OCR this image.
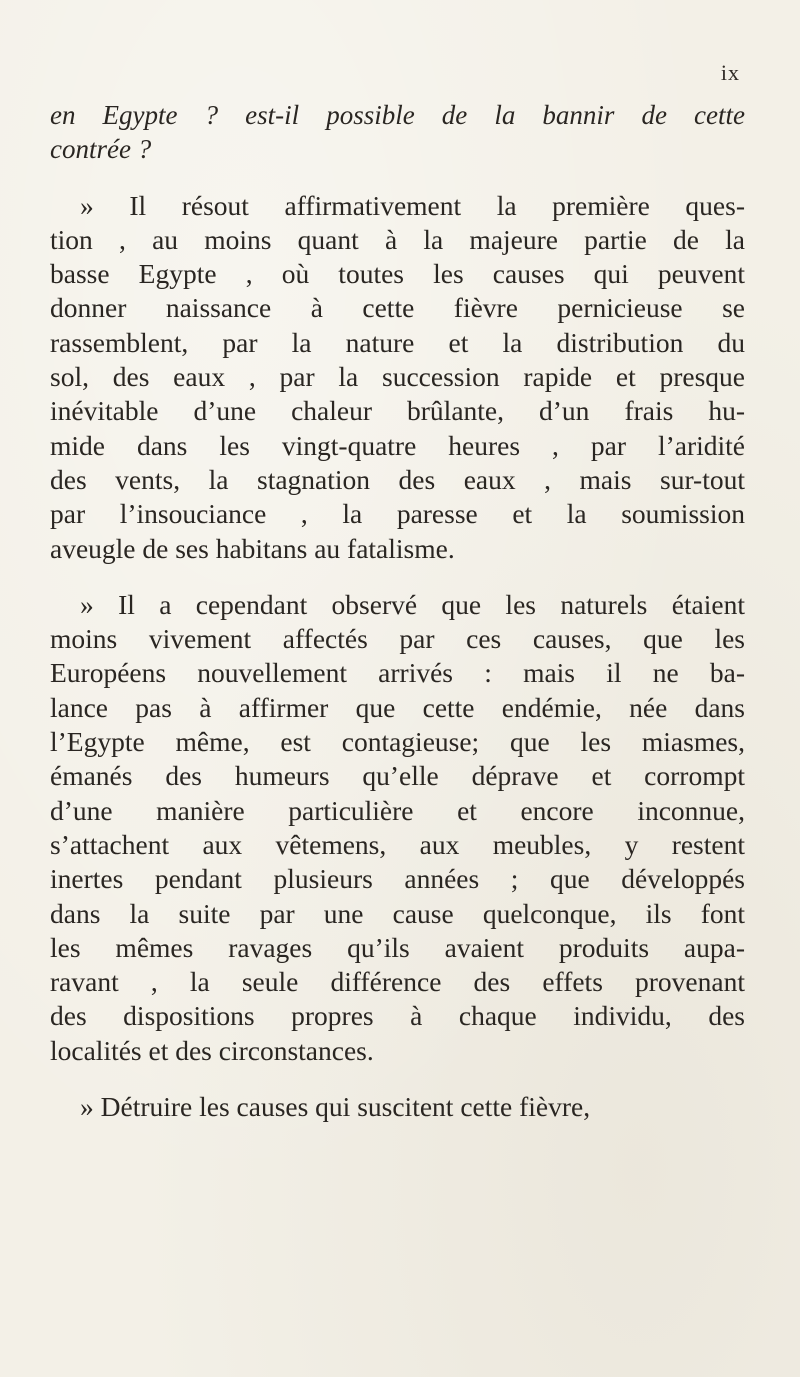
ix
en Egypte ? est-il possible de la bannir de cette
contrée ?
» Il résout affirmativement la première ques-
tion , au moins quant à la majeure partie de la
basse Egypte , où toutes les causes qui peuvent
donner naissance à cette fièvre pernicieuse se
rassemblent, par la nature et la distribution du
sol, des eaux , par la succession rapide et presque
inévitable d’une chaleur brûlante, d’un frais hu-
mide dans les vingt-quatre heures , par l’aridité
des vents, la stagnation des eaux , mais sur-tout
par l’insouciance , la paresse et la soumission
aveugle de ses habitans au fatalisme.
» Il a cependant observé que les naturels étaient
moins vivement affectés par ces causes, que les
Européens nouvellement arrivés : mais il ne ba-
lance pas à affirmer que cette endémie, née dans
l’Egypte même, est contagieuse; que les miasmes,
émanés des humeurs qu’elle déprave et corrompt
d’une manière particulière et encore inconnue,
s’attachent aux vêtemens, aux meubles, y restent
inertes pendant plusieurs années ; que développés
dans la suite par une cause quelconque, ils font
les mêmes ravages qu’ils avaient produits aupa-
ravant , la seule différence des effets provenant
des dispositions propres à chaque individu, des
localités et des circonstances.
» Détruire les causes qui suscitent cette fièvre,
